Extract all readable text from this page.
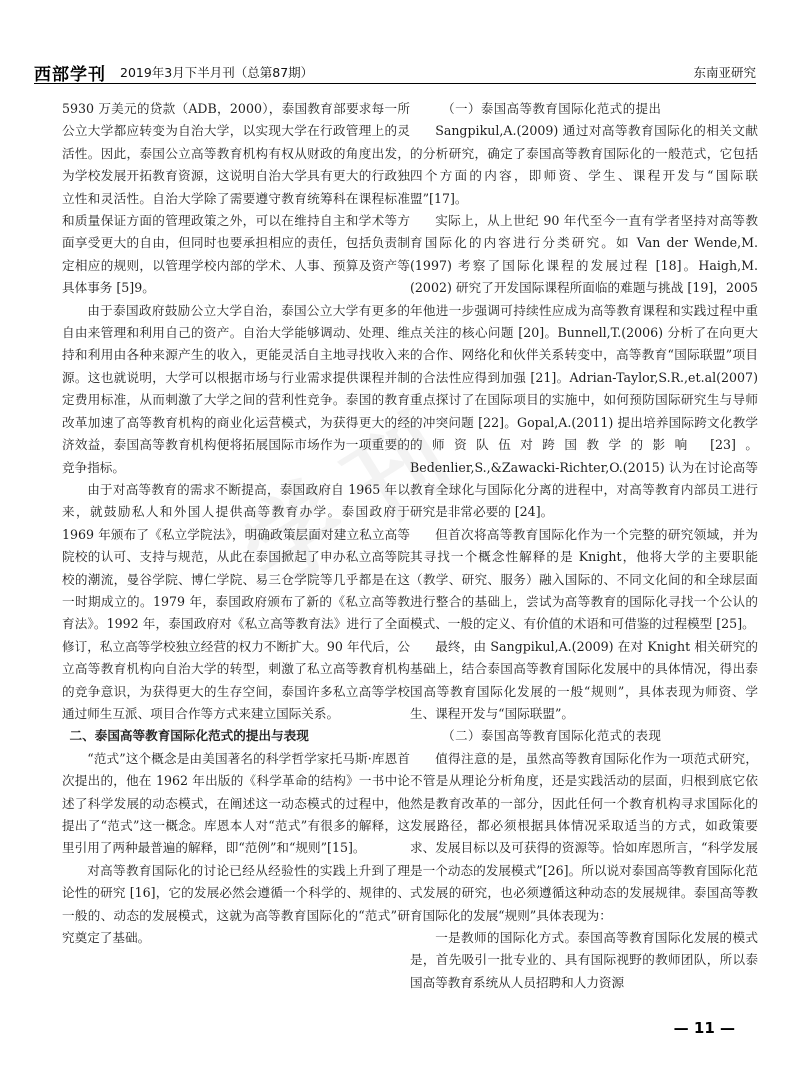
西部学刊 2019年3月下半月刊（总第87期）	东南亚研究

5930 万美元的贷款（ADB，2000），泰国教育部要求每一所公立大学都应转变为自治大学，以实现大学在行政管理上的灵活性。因此，泰国公立高等教育机构有权从财政的角度出发，为学校发展开拓教育资源，这说明自治大学具有更大的行政独立性和灵活性。自治大学除了需要遵守教育统筹科在课程标准和质量保证方面的管理政策之外，可以在维持自主和学术等方面享受更大的自由，但同时也要承担相应的责任，包括负责制定相应的规则，以管理学校内部的学术、人事、预算及资产等具体事务 [5]9。

由于泰国政府鼓励公立大学自治，泰国公立大学有更多的自由来管理和利用自己的资产。自治大学能够调动、处理、维持和利用由各种来源产生的收入，更能灵活自主地寻找收入来源。这也就说明，大学可以根据市场与行业需求提供课程并制定费用标准，从而刺激了大学之间的营利性竞争。泰国的教育改革加速了高等教育机构的商业化运营模式，为获得更大的经济效益，泰国高等教育机构便将拓展国际市场作为一项重要的竞争指标。

由于对高等教育的需求不断提高，泰国政府自 1965 年以来，就鼓励私人和外国人提供高等教育办学。泰国政府于 1969 年颁布了《私立学院法》，明确政策层面对建立私立高等院校的认可、支持与规范，从此在泰国掀起了申办私立高等院校的潮流，曼谷学院、博仁学院、易三仓学院等几乎都是在这一时期成立的。1979 年，泰国政府颁布了新的《私立高等教育法》。1992 年，泰国政府对《私立高等教育法》进行了全面修订，私立高等学校独立经营的权力不断扩大。90 年代后，公立高等教育机构向自治大学的转型，刺激了私立高等教育机构的竞争意识，为获得更大的生存空间，泰国许多私立高等学校通过师生互派、项目合作等方式来建立国际关系。

二、泰国高等教育国际化范式的提出与表现

“范式”这个概念是由美国著名的科学哲学家托马斯·库恩首次提出的，他在 1962 年出版的《科学革命的结构》一书中论述了科学发展的动态模式，在阐述这一动态模式的过程中，他提出了“范式”这一概念。库恩本人对“范式”有很多的解释，这里引用了两种最普遍的解释，即“范例”和“规则”[15]。

对高等教育国际化的讨论已经从经验性的实践上升到了理论性的研究 [16]，它的发展必然会遵循一个科学的、规律的、一般的、动态的发展模式，这就为高等教育国际化的“范式”研究奠定了基础。

（一）泰国高等教育国际化范式的提出

Sangpikul,A.(2009) 通过对高等教育国际化的相关文献的分析研究，确定了泰国高等教育国际化的一般范式，它包括四个方面的内容，即师资、学生、课程开发与“国际联盟”[17]。

实际上，从上世纪 90 年代至今一直有学者坚持对高等教育国际化的内容进行分类研究。如 Van der Wende,M.(1997) 考察了国际化课程的发展过程 [18]。Haigh,M.(2002) 研究了开发国际课程所面临的难题与挑战 [19]，2005 年他进一步强调可持续性应成为高等教育课程和实践过程中重点关注的核心问题 [20]。Bunnell,T.(2006) 分析了在向更大的合作、网络化和伙伴关系转变中，高等教育“国际联盟”项目的合法性应得到加强 [21]。Adrian-Taylor,S.R.,et.al(2007) 重点探讨了在国际项目的实施中，如何预防国际研究生与导师的冲突问题 [22]。Gopal,A.(2011) 提出培养国际跨文化教学的师资队伍对跨国教学的影响 [23]。Bedenlier,S.,&Zawacki-Richter,O.(2015) 认为在讨论高等教育全球化与国际化分离的进程中，对高等教育内部员工进行研究是非常必要的 [24]。

但首次将高等教育国际化作为一个完整的研究领域，并为其寻找一个概念性解释的是 Knight，他将大学的主要职能（教学、研究、服务）融入国际的、不同文化间的和全球层面进行整合的基础上，尝试为高等教育的国际化寻找一个公认的模式、一般的定义、有价值的术语和可借鉴的过程模型 [25]。

最终，由 Sangpikul,A.(2009) 在对 Knight 相关研究的基础上，结合泰国高等教育国际化发展中的具体情况，得出泰国高等教育国际化发展的一般“规则”，具体表现为师资、学生、课程开发与“国际联盟”。

（二）泰国高等教育国际化范式的表现

值得注意的是，虽然高等教育国际化作为一项范式研究，不管是从理论分析角度，还是实践活动的层面，归根到底它依然是教育改革的一部分，因此任何一个教育机构寻求国际化的发展路径，都必须根据具体情况采取适当的方式，如政策要求、发展目标以及可获得的资源等。恰如库恩所言，“科学发展是一个动态的发展模式”[26]。所以说对泰国高等教育国际化范式发展的研究，也必须遵循这种动态的发展规律。泰国高等教育国际化的发展“规则”具体表现为：

一是教师的国际化方式。泰国高等教育国际化发展的模式是，首先吸引一批专业的、具有国际视野的教师团队，所以泰国高等教育系统从人员招聘和人力资源

— 11 —
